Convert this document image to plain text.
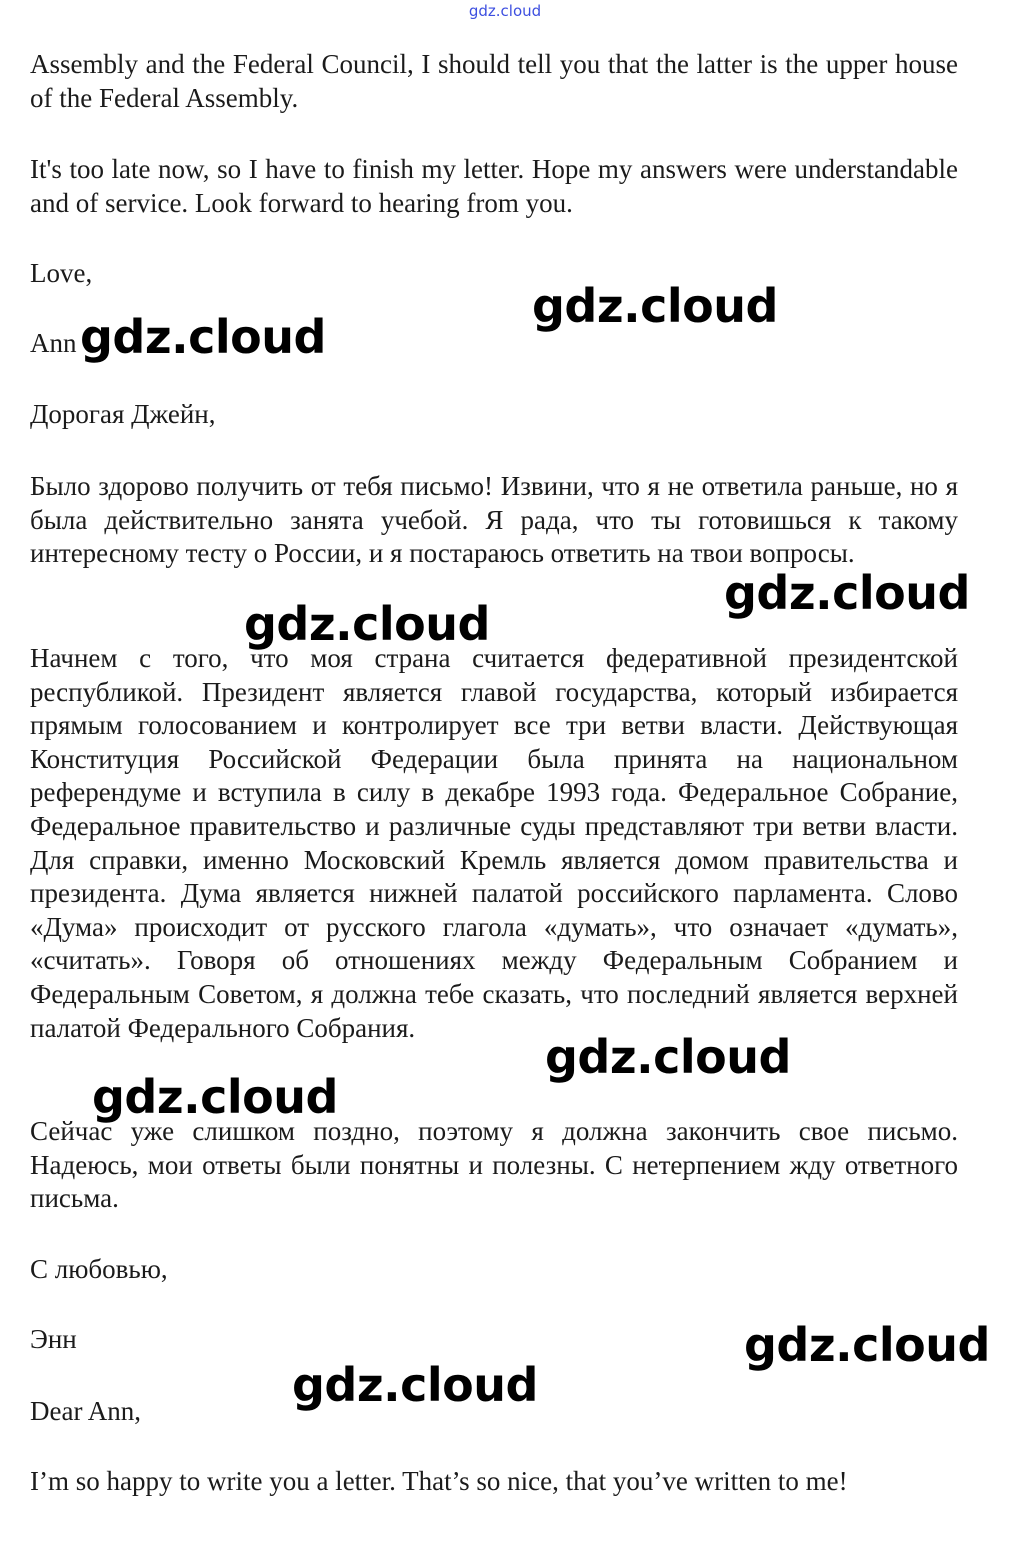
gdz.cloud

Assembly and the Federal Council, I should tell you that the latter is the upper house of the Federal Assembly.

It's too late now, so I have to finish my letter. Hope my answers were understandable and of service. Look forward to hearing from you.

Love,

Ann

Дорогая Джейн,

Было здорово получить от тебя письмо! Извини, что я не ответила раньше, но я была действительно занята учебой. Я рада, что ты готовишься к такому интересному тесту о России, и я постараюсь ответить на твои вопросы.

Начнем с того, что моя страна считается федеративной президентской республикой. Президент является главой государства, который избирается прямым голосованием и контролирует все три ветви власти. Действующая Конституция Российской Федерации была принята на национальном референдуме и вступила в силу в декабре 1993 года. Федеральное Собрание, Федеральное правительство и различные суды представляют три ветви власти. Для справки, именно Московский Кремль является домом правительства и президента. Дума является нижней палатой российского парламента. Слово «Дума» происходит от русского глагола «думать», что означает «думать», «считать». Говоря об отношениях между Федеральным Собранием и Федеральным Советом, я должна тебе сказать, что последний является верхней палатой Федерального Собрания.

Сейчас уже слишком поздно, поэтому я должна закончить свое письмо. Надеюсь, мои ответы были понятны и полезны. С нетерпением жду ответного письма.

С любовью,

Энн

Dear Ann,

I’m so happy to write you a letter. That’s so nice, that you’ve written to me!

gdz.cloud
gdz.cloud
gdz.cloud
gdz.cloud
gdz.cloud
gdz.cloud
gdz.cloud
gdz.cloud
